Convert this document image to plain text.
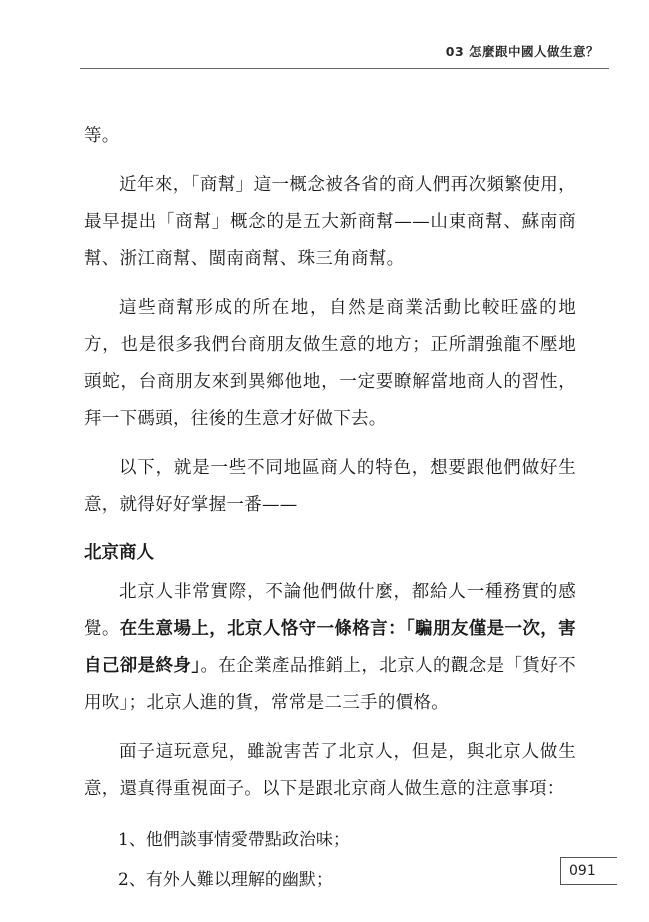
03 怎麼跟中國人做生意？

等。

近年來，「商幫」這一概念被各省的商人們再次頻繁使用，最早提出「商幫」概念的是五大新商幫——山東商幫、蘇南商幫、浙江商幫、閩南商幫、珠三角商幫。

這些商幫形成的所在地，自然是商業活動比較旺盛的地方，也是很多我們台商朋友做生意的地方；正所謂強龍不壓地頭蛇，台商朋友來到異鄉他地，一定要瞭解當地商人的習性，拜一下碼頭，往後的生意才好做下去。

以下，就是一些不同地區商人的特色，想要跟他們做好生意，就得好好掌握一番——

北京商人

北京人非常實際，不論他們做什麼，都給人一種務實的感覺。在生意場上，北京人恪守一條格言：「騙朋友僅是一次，害自己卻是終身」。在企業產品推銷上，北京人的觀念是「貨好不用吹」；北京人進的貨，常常是二三手的價格。

面子這玩意兒，雖說害苦了北京人，但是，與北京人做生意，還真得重視面子。以下是跟北京商人做生意的注意事項：

1、他們談事情愛帶點政治味；

2、有外人難以理解的幽默；	091
